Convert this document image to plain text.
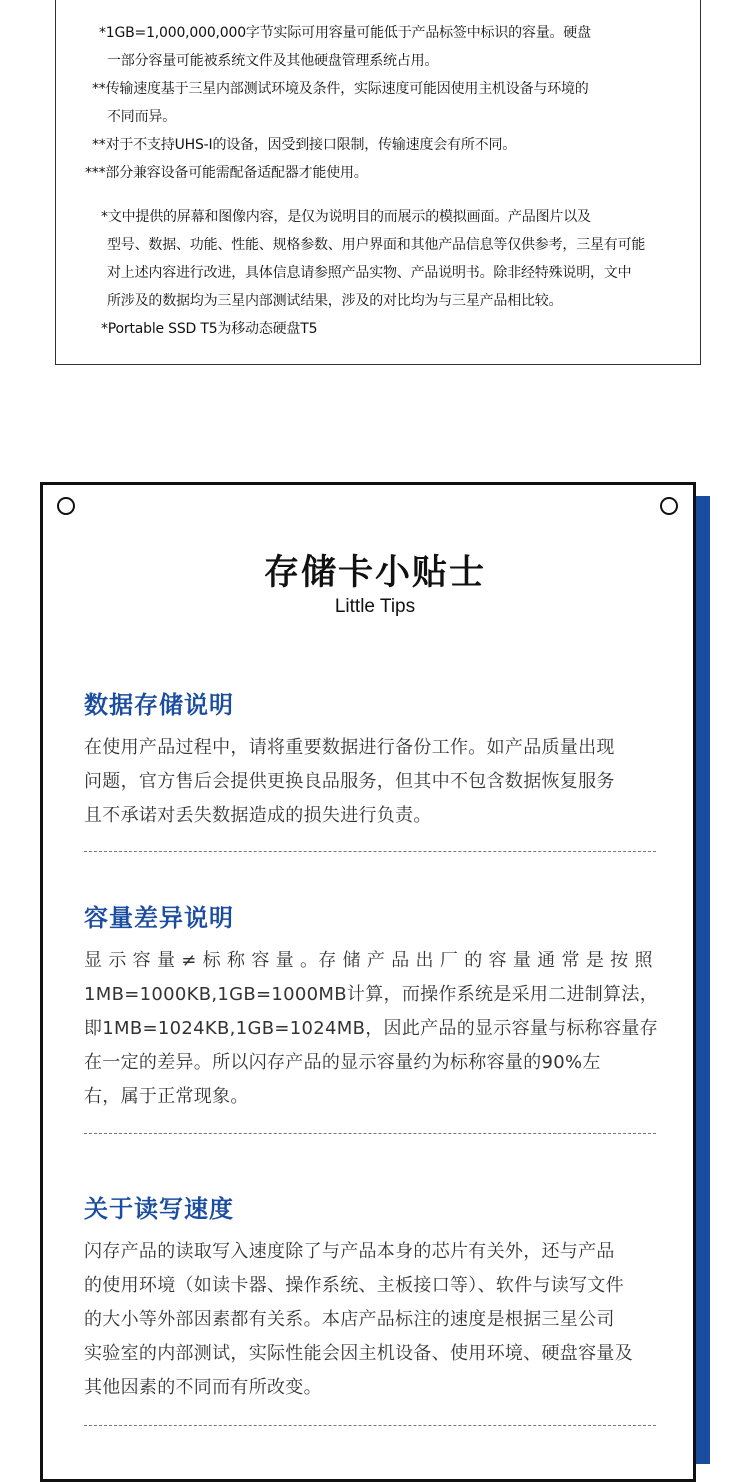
*1GB=1,000,000,000字节实际可用容量可能低于产品标签中标识的容量。硬盘
一部分容量可能被系统文件及其他硬盘管理系统占用。
**传输速度基于三星内部测试环境及条件，实际速度可能因使用主机设备与环境的
不同而异。
**对于不支持UHS-I的设备，因受到接口限制，传输速度会有所不同。
***部分兼容设备可能需配备适配器才能使用。
*文中提供的屏幕和图像内容，是仅为说明目的而展示的模拟画面。产品图片以及
型号、数据、功能、性能、规格参数、用户界面和其他产品信息等仅供参考，三星有可能
对上述内容进行改进，具体信息请参照产品实物、产品说明书。除非经特殊说明，文中
所涉及的数据均为三星内部测试结果，涉及的对比均为与三星产品相比较。
*Portable SSD T5为移动态硬盘T5
存储卡小贴士
Little Tips
数据存储说明
在使用产品过程中，请将重要数据进行备份工作。如产品质量出现
问题，官方售后会提供更换良品服务，但其中不包含数据恢复服务
且不承诺对丢失数据造成的损失进行负责。
容量差异说明
显 示 容 量 ≠ 标 称 容 量 。存 储 产 品 出 厂 的 容 量 通 常 是 按 照
1MB=1000KB,1GB=1000MB计算，而操作系统是采用二进制算法，
即1MB=1024KB,1GB=1024MB，因此产品的显示容量与标称容量存
在一定的差异。所以闪存产品的显示容量约为标称容量的90%左
右，属于正常现象。
关于读写速度
闪存产品的读取写入速度除了与产品本身的芯片有关外，还与产品
的使用环境（如读卡器、操作系统、主板接口等）、软件与读写文件
的大小等外部因素都有关系。本店产品标注的速度是根据三星公司
实验室的内部测试，实际性能会因主机设备、使用环境、硬盘容量及
其他因素的不同而有所改变。
